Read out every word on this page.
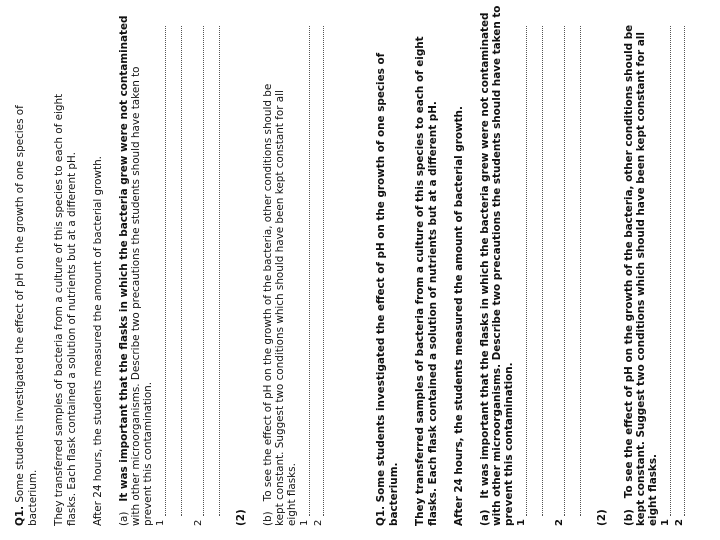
Q1. Some students investigated the effect of pH on the growth of one species of bacterium. They transferred samples of bacteria from a culture of this species to each of eight flasks. Each flask contained a solution of nutrients but at a different pH. After 24 hours, the students measured the amount of bacterial growth. (a)   It was important that the flasks in which the bacteria grew were not contaminated with other microorganisms. Describe two precautions the students should have taken to prevent this contamination. 1	2	(2) (b)   To see the effect of pH on the growth of the bacteria, other conditions should be kept constant. Suggest two conditions which should have been kept constant for all eight flasks. 1 2	Q1. Some students investigated the effect of pH on the growth of one species of bacterium. They transferred samples of bacteria from a culture of this species to each of eight flasks. Each flask contained a solution of nutrients but at a different pH. After 24 hours, the students measured the amount of bacterial growth. (a)   It was important that the flasks in which the bacteria grew were not contaminated with other microorganisms. Describe two precautions the students should have taken to prevent this contamination. 1	2	(2) (b)   To see the effect of pH on the growth of the bacteria, other conditions should be kept constant. Suggest two conditions which should have been kept constant for all eight flasks. 1 2
